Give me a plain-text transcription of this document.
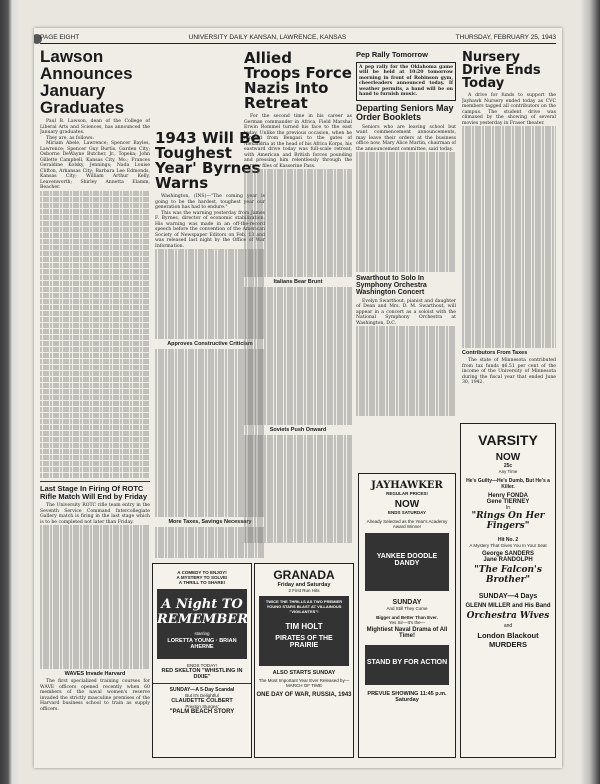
PAGE EIGHT	UNIVERSITY DAILY KANSAN, LAWRENCE, KANSAS	THURSDAY, FEBRUARY 25, 1943
Lawson Announces January Graduates
Paul B. Lawson, dean of the College of Liberal Arts and Sciences, has announced the January graduates.
They are, as follows:
Miriam Abele, Lawrence; Spencer Bayles, Lawrence; Spencer Guy Burtis, Garden City; Osborne DeWayne Butcher, Jr., Topeka; John Gillette Campbell, Kansas City, Mo.; Frances Geraldine Kolsky, Jennings; Nada Louise Clifton, Arkansas City; Barbara Lee Edmonds, Kansas City; William Arthur Kelly, Leavenworth; Shirley Annetta Elamm, Beacher.
Last Stage In Firing Of ROTC Rifle Match Will End by Friday
The University ROTC rifle team entry in the Seventh Service Command Intercollegiate Gallery match is firing in the last stage which is to be completed not later than Friday.
WAVES Invade Harvard
The first specialized training courses for WAVE officers opened recently when 60 members of the naval women's reserve invaded the strictly masculine premises of the Harvard business school to train as supply officers.
1943 Will Be Toughest Year' Byrnes Warns
Washington, (INS)—"The coming year is going to be the hardest, toughest year our generation has had to endure."
This was the warning yesterday from James F. Byrnes, director of economic stabilization. His warning was made in an off-the-record speech before the convention of the American Society of Newspaper Editors on Feb. 13 and was released last night by the Office of War Information.
Approves Constructive Criticism
More Taxes, Savings Necessary
Allied Troops Force Nazis Into Retreat
For the second time in his career as German commander in Africa, Field Marshal Erwin Rommel turned his face to the east today. Unlike the previous occasion, when he romped from Bengasi to the gates of Alexandria at the head of his Africa Korps, his eastward drive today was full-scale retreat, with American and British forces pounding and pressing him relentlessly through the narrow files of Kasserine Pass.
Italians Bear Brunt
Soviets Push Onward
Pep Rally Tomorrow
A pep rally for the Oklahoma game will be held at 10:20 tomorrow morning in front of Robinson gym, cheerleaders announced today. If weather permits, a band will be on hand to furnish music.
Departing Seniors May Order Booklets
Seniors who are leaving school but want commencement announcements, may leave their orders at the business office now, Mary Alice Martin, chairman of the announcement committee, said today.
Swarthout to Solo In Symphony Orchestra Washington Concert
Evelyn Swarthout, pianist and daughter of Dean and Mrs. D. M. Swarthout, will appear in a concert as a soloist with the National Symphony Orchestra at Washington, D.C.
Nursery Drive Ends Today
A drive for funds to support the Jayhawk Nursery ended today as CVC members tagged all contributors on the campus. The student drive was climaxed by the showing of several movies yesterday in Fraser theater.
Contributors From Taxes
The state of Minnesota contributed from tax funds $6.51 per cent of the income of the University of Minnesota during the fiscal year that ended June 30, 1942.
A COMEDY TO ENJOY!
A MYSTERY TO SOLVE!
A THRILL TO SHARE!
A Night TO REMEMBER
starring
LORETTA YOUNG · BRIAN AHERNE
ENDS TODAY!
RED SKELTON "WHISTLING IN DIXIE"
SUNDAY—A 5-Day Scandal
But It's Delightful
CLAUDETTE COLBERT
Preston Sturges'
"PALM BEACH STORY
GRANADA
Friday and Saturday
2 First Run Hits
TWICE THE THRILLS AS TWO PREMIER YOUNG STARS BLAST AT VILLAINOUS "VIGILANTES"!
TIM HOLT
PIRATES OF THE PRAIRIE
ALSO STARTS SUNDAY
The Most Important Year Ever Released by— MARCH OF TIME
ONE DAY OF WAR, RUSSIA, 1943
JAYHAWKER
REGULAR PRICES!
NOW
ENDS SATURDAY
Already Selected as the Year's Academy Award Winner
YANKEE DOODLE DANDY
SUNDAY
And Still They Come
Bigger and Better Than Ever.
Yes Sir—It's the—
Mightiest Naval Drama of All Time!
STAND BY FOR ACTION
PREVUE SHOWING 11:45 p.m. Saturday
VARSITY
NOW
25c
Any Time
He's Guilty—He's Dumb, But He's a Killer.
Henry FONDA
Gene TIERNEY
In
"Rings On Her Fingers"
Hit No. 2
A Mystery That Gives You In Your Seat
George SANDERS
Jane RANDOLPH
"The Falcon's Brother"
SUNDAY—4 Days
GLENN MILLER and His Band
Orchestra Wives
and
London Blackout MURDERS
